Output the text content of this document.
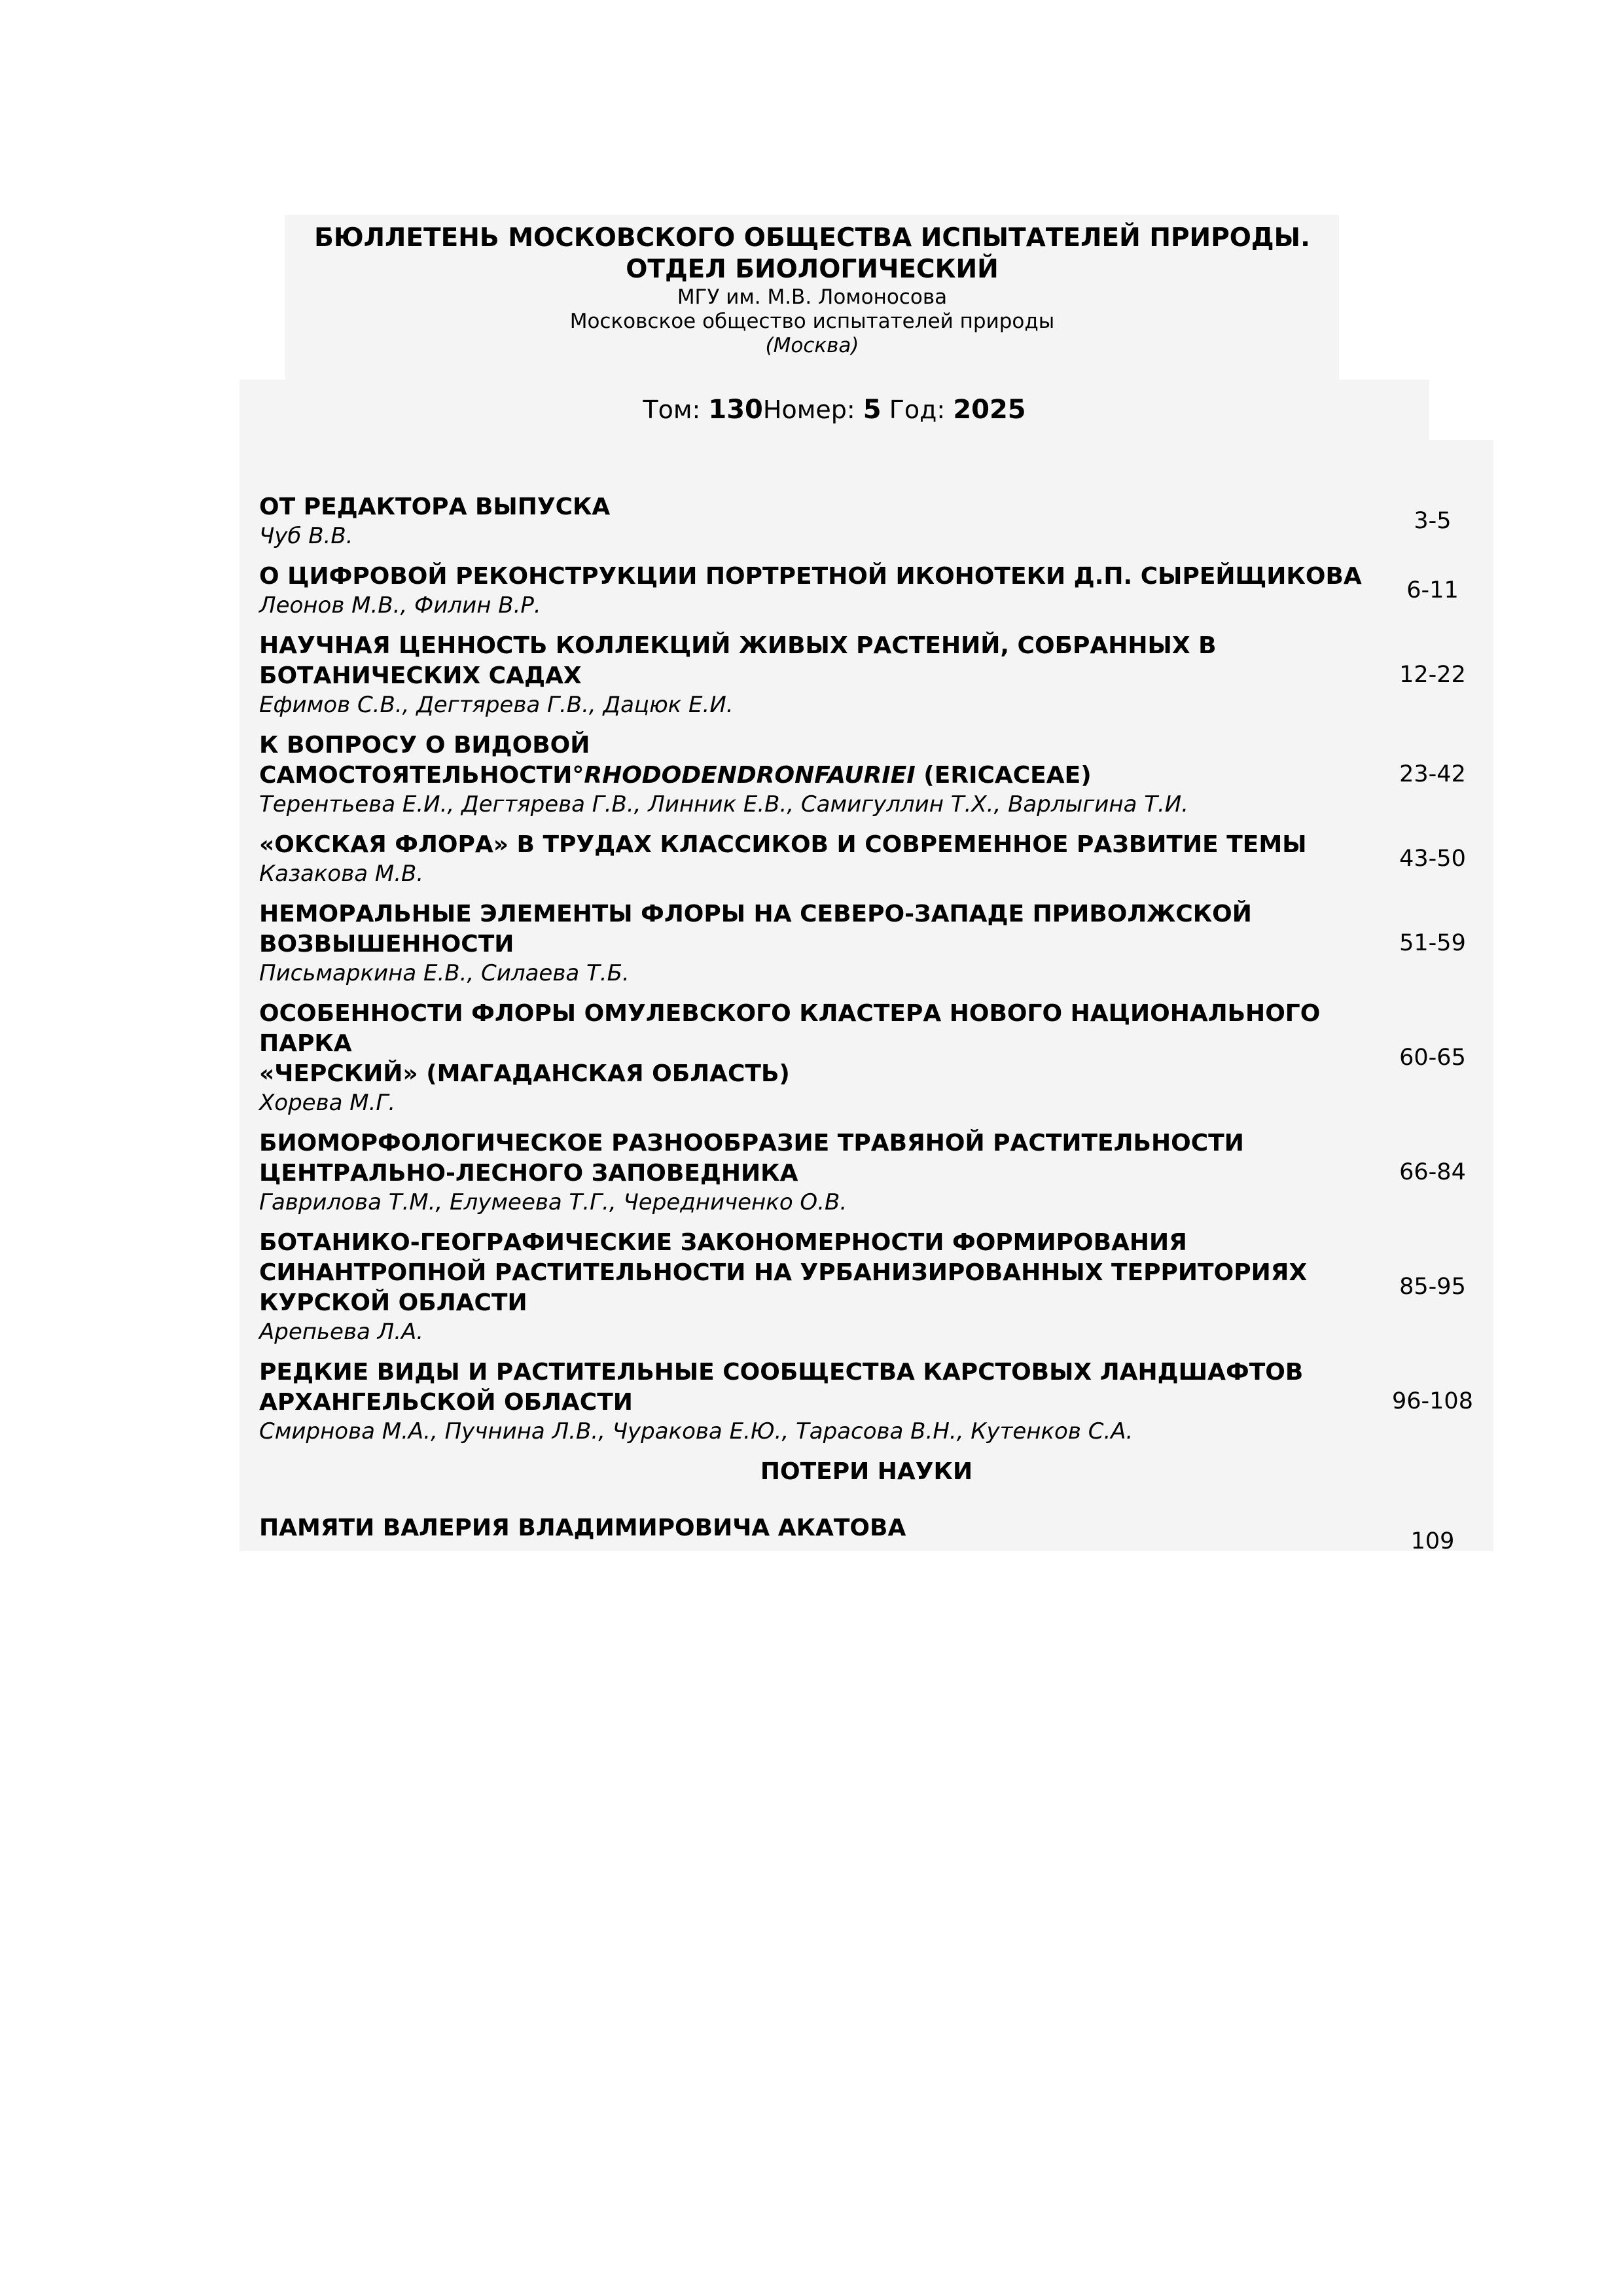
БЮЛЛЕТЕНЬ МОСКОВСКОГО ОБЩЕСТВА ИСПЫТАТЕЛЕЙ ПРИРОДЫ.
ОТДЕЛ БИОЛОГИЧЕСКИЙ
МГУ им. М.В. Ломоносова
Московское общество испытателей природы
(Москва)
Том: 130Номер: 5 Год: 2025
ОТ РЕДАКТОРА ВЫПУСКА
Чуб В.В.
3-5
О ЦИФРОВОЙ РЕКОНСТРУКЦИИ ПОРТРЕТНОЙ ИКОНОТЕКИ Д.П. СЫРЕЙЩИКОВА
Леонов М.В., Филин В.Р.
6-11
НАУЧНАЯ ЦЕННОСТЬ КОЛЛЕКЦИЙ ЖИВЫХ РАСТЕНИЙ, СОБРАННЫХ В
БОТАНИЧЕСКИХ САДАХ
Ефимов С.В., Дегтярева Г.В., Дацюк Е.И.
12-22
К ВОПРОСУ О ВИДОВОЙ
САМОСТОЯТЕЛЬНОСТИ°RHODODENDRONFAURIEI (ERICACEAE)
Терентьева Е.И., Дегтярева Г.В., Линник Е.В., Самигуллин Т.Х., Варлыгина Т.И.
23-42
«ОКСКАЯ ФЛОРА» В ТРУДАХ КЛАССИКОВ И СОВРЕМЕННОЕ РАЗВИТИЕ ТЕМЫ
Казакова М.В.
43-50
НЕМОРАЛЬНЫЕ ЭЛЕМЕНТЫ ФЛОРЫ НА СЕВЕРО-ЗАПАДЕ ПРИВОЛЖСКОЙ
ВОЗВЫШЕННОСТИ
Письмаркина Е.В., Силаева Т.Б.
51-59
ОСОБЕННОСТИ ФЛОРЫ ОМУЛЕВСКОГО КЛАСТЕРА НОВОГО НАЦИОНАЛЬНОГО ПАРКА
«ЧЕРСКИЙ» (МАГАДАНСКАЯ ОБЛАСТЬ)
Хорева М.Г.
60-65
БИОМОРФОЛОГИЧЕСКОЕ РАЗНООБРАЗИЕ ТРАВЯНОЙ РАСТИТЕЛЬНОСТИ
ЦЕНТРАЛЬНО-ЛЕСНОГО ЗАПОВЕДНИКА
Гаврилова Т.М., Елумеева Т.Г., Чередниченко О.В.
66-84
БОТАНИКО-ГЕОГРАФИЧЕСКИЕ ЗАКОНОМЕРНОСТИ ФОРМИРОВАНИЯ
СИНАНТРОПНОЙ РАСТИТЕЛЬНОСТИ НА УРБАНИЗИРОВАННЫХ ТЕРРИТОРИЯХ
КУРСКОЙ ОБЛАСТИ
Арепьева Л.А.
85-95
РЕДКИЕ ВИДЫ И РАСТИТЕЛЬНЫЕ СООБЩЕСТВА КАРСТОВЫХ ЛАНДШАФТОВ
АРХАНГЕЛЬСКОЙ ОБЛАСТИ
Смирнова М.А., Пучнина Л.В., Чуракова Е.Ю., Тарасова В.Н., Кутенков С.А.
96-108
ПОТЕРИ НАУКИ
ПАМЯТИ ВАЛЕРИЯ ВЛАДИМИРОВИЧА АКАТОВА	109
